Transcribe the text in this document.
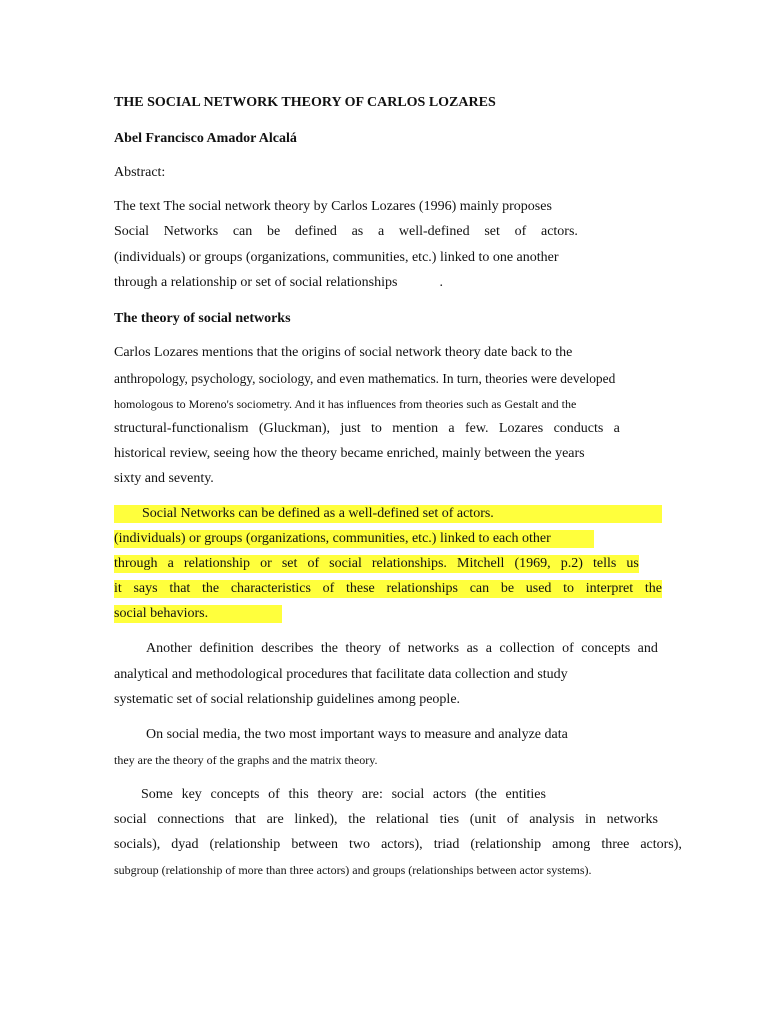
THE SOCIAL NETWORK THEORY OF CARLOS LOZARES
Abel Francisco Amador Alcalá
Abstract:
The text The social network theory by Carlos Lozares (1996) mainly proposes
Social Networks can be defined as a well-defined set of actors.
(individuals) or groups (organizations, communities, etc.) linked to one another
through a relationship or set of social relationships	.
The theory of social networks
Carlos Lozares mentions that the origins of social network theory date back to the
anthropology, psychology, sociology, and even mathematics. In turn, theories were developed
homologous to Moreno's sociometry. And it has influences from theories such as Gestalt and the
structural-functionalism (Gluckman), just to mention a few. Lozares conducts a
historical review, seeing how the theory became enriched, mainly between the years
sixty and seventy.
Social Networks can be defined as a well-defined set of actors.
(individuals) or groups (organizations, communities, etc.) linked to each other
through a relationship or set of social relationships. Mitchell (1969, p.2) tells us
it says that the characteristics of these relationships can be used to interpret the
social behaviors.
Another definition describes the theory of networks as a collection of concepts and
analytical and methodological procedures that facilitate data collection and study
systematic set of social relationship guidelines among people.
On social media, the two most important ways to measure and analyze data
they are the theory of the graphs and the matrix theory.
Some key concepts of this theory are: social actors (the entities
social connections that are linked), the relational ties (unit of analysis in networks
socials), dyad (relationship between two actors), triad (relationship among three actors),
subgroup (relationship of more than three actors) and groups (relationships between actor systems).
